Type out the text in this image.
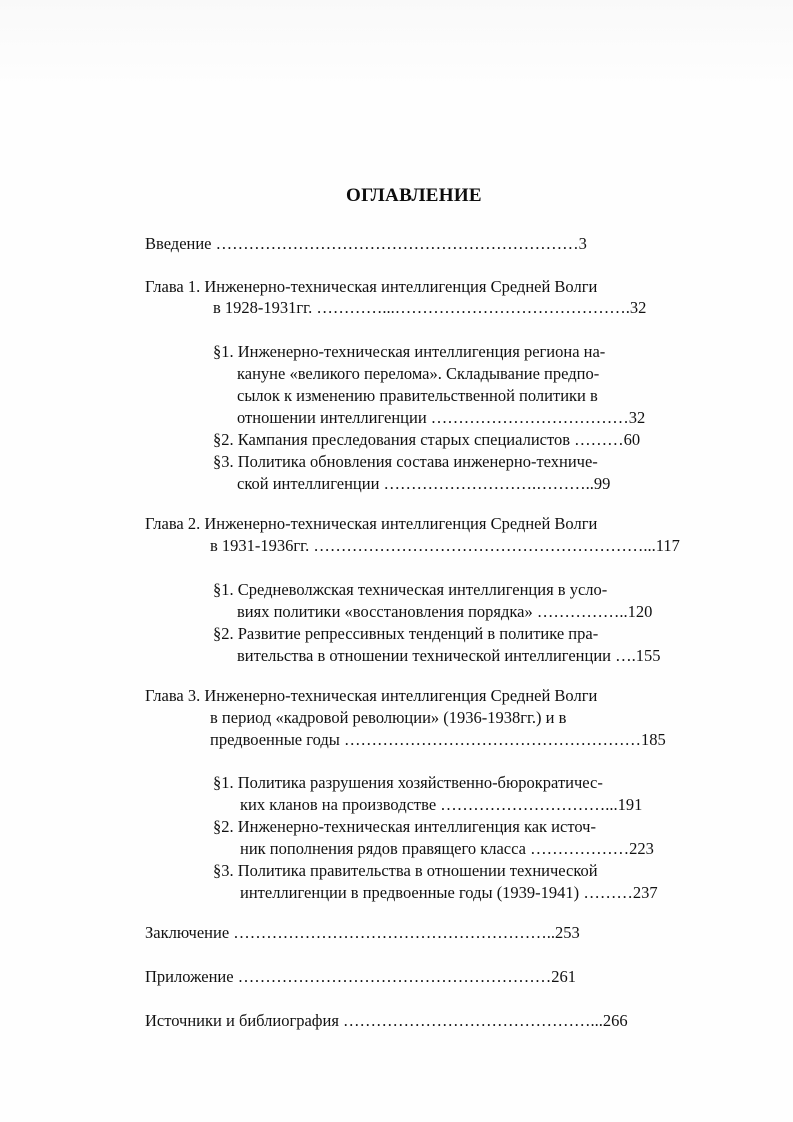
ОГЛАВЛЕНИЕ
Введение …………………………………………………………3
Глава 1. Инженерно-техническая интеллигенция Средней Волги
в 1928-1931гг. …………...…………………………………….32
§1. Инженерно-техническая интеллигенция региона на-
кануне «великого перелома». Складывание предпо-
сылок к изменению правительственной политики в
отношении интеллигенции ………………………………32
§2. Кампания преследования старых специалистов ………60
§3. Политика обновления состава инженерно-техниче-
ской интеллигенции ……………………….………..99
Глава 2. Инженерно-техническая интеллигенция Средней Волги
в 1931-1936гг. ……………………………………………………...117
§1. Средневолжская техническая интеллигенция в усло-
виях политики «восстановления порядка» ……………..120
§2. Развитие репрессивных тенденций в политике пра-
вительства в отношении технической интеллигенции ….155
Глава 3. Инженерно-техническая интеллигенция Средней Волги
в период «кадровой революции» (1936-1938гг.) и в
предвоенные годы ………………………………………………185
§1. Политика разрушения хозяйственно-бюрократичес-
ких кланов на производстве …………………………...191
§2. Инженерно-техническая интеллигенция как источ-
ник пополнения рядов правящего класса ………………223
§3. Политика правительства в отношении технической
интеллигенции в предвоенные годы (1939-1941) ………237
Заключение …………………………………………………..253
Приложение …………………………………………………261
Источники и библиография ………………………………………...266
